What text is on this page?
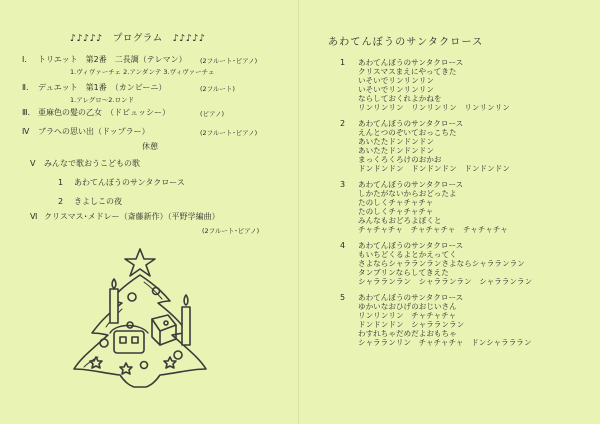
♪♪♪♪♪　プログラム　♪♪♪♪♪
Ⅰ. トリエット　第2番　二長調（テレマン） (2フルート･ピアノ)
1.ヴィヴァーチェ 2.アンダンテ 3.ヴィヴァーチェ
Ⅱ. デュエット　第1番　（カンビーニ）	(2フルート)
1.アレグロ～2.ロンド
Ⅲ. 亜麻色の髪の乙女　（ドビュッシー）	(ピアノ)
Ⅳ ブラへの思い出（ドップラー）	(2フルート･ピアノ)
休憩
Ⅴ みんなで歌おうこどもの歌
1 あわてんぼうのサンタクロース
2 きよしこの夜
Ⅵ クリスマス･メドレー（斎藤新作）（平野学編曲）
(2フルート･ピアノ)
あわてんぼうのサンタクロース
1 あわてんぼうのサンタクロース
クリスマスまえにやってきた
いそいでリンリンリン
いそいでリンリンリン
ならしておくれよかねを
リンリンリン　リンリンリン　リンリンリン
2 あわてんぼうのサンタクロース
えんとつのぞいておっこちた
あいたたドンドンドン
あいたたドンドンドン
まっくろくろけのおかお
ドンドンドン　ドンドンドン　ドンドンドン
3 あわてんぼうのサンタクロース
しかたがないからおどったよ
たのしくチャチャチャ
たのしくチャチャチャ
みんなもおどろよぼくと
チャチャチャ　チャチャチャ　チャチャチャ
4 あわてんぼうのサンタクロース
もいちどくるよとかえってく
さよならシャラランランさよならシャラランラン
タンブリンならしてきえた
シャラランラン　シャラランラン　シャラランラン
5 あわてんぼうのサンタクロース
ゆかいなおひげのおじいさん
リンリンリン　チャチャチャ
ドンドンドン　シャラランラン
わすれちゃだめだよおもちゃ
シャラランリン　チャチャチャ　ドンシャラララン
